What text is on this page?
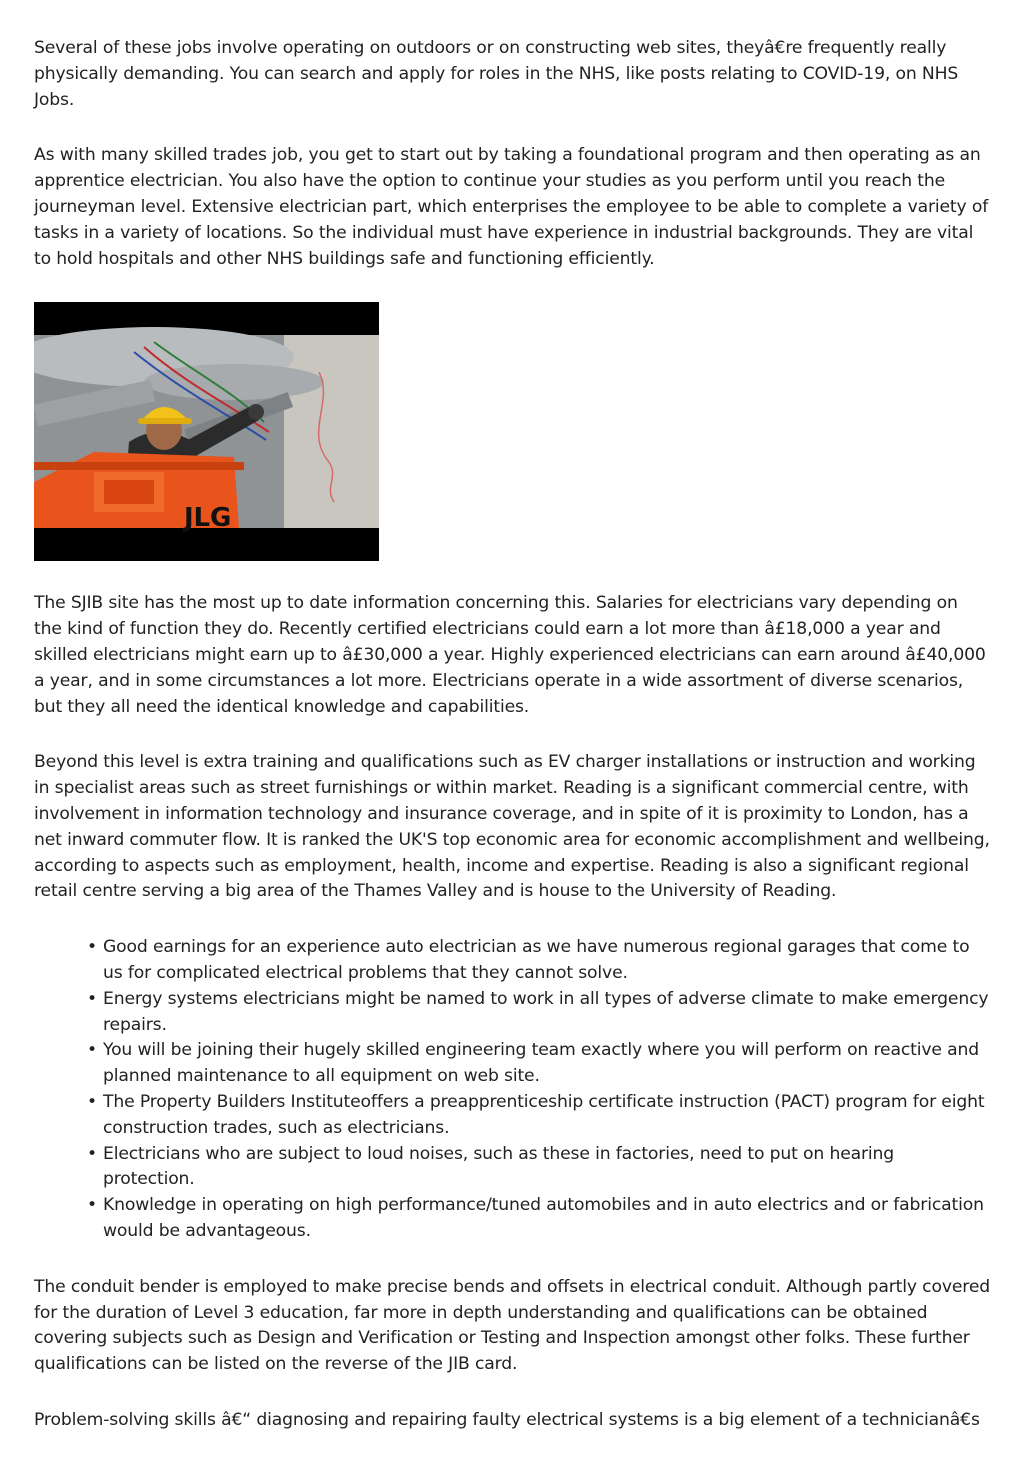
Several of these jobs involve operating on outdoors or on constructing web sites, theyâ€re frequently really physically demanding. You can search and apply for roles in the NHS, like posts relating to COVID-19, on NHS Jobs.

As with many skilled trades job, you get to start out by taking a foundational program and then operating as an apprentice electrician. You also have the option to continue your studies as you perform until you reach the journeyman level. Extensive electrician part, which enterprises the employee to be able to complete a variety of tasks in a variety of locations. So the individual must have experience in industrial backgrounds. They are vital to hold hospitals and other NHS buildings safe and functioning efficiently.

JLG

The SJIB site has the most up to date information concerning this. Salaries for electricians vary depending on the kind of function they do. Recently certified electricians could earn a lot more than â£18,000 a year and skilled electricians might earn up to â£30,000 a year. Highly experienced electricians can earn around â£40,000 a year, and in some circumstances a lot more. Electricians operate in a wide assortment of diverse scenarios, but they all need the identical knowledge and capabilities.

Beyond this level is extra training and qualifications such as EV charger installations or instruction and working in specialist areas such as street furnishings or within market. Reading is a significant commercial centre, with involvement in information technology and insurance coverage, and in spite of it is proximity to London, has a net inward commuter flow. It is ranked the UK'S top economic area for economic accomplishment and wellbeing, according to aspects such as employment, health, income and expertise. Reading is also a significant regional retail centre serving a big area of the Thames Valley and is house to the University of Reading.

• Good earnings for an experience auto electrician as we have numerous regional garages that come to us for complicated electrical problems that they cannot solve.
• Energy systems electricians might be named to work in all types of adverse climate to make emergency repairs.
• You will be joining their hugely skilled engineering team exactly where you will perform on reactive and planned maintenance to all equipment on web site.
• The Property Builders Instituteoffers a preapprenticeship certificate instruction (PACT) program for eight construction trades, such as electricians.
• Electricians who are subject to loud noises, such as these in factories, need to put on hearing protection.
• Knowledge in operating on high performance/tuned automobiles and in auto electrics and or fabrication would be advantageous.

The conduit bender is employed to make precise bends and offsets in electrical conduit. Although partly covered for the duration of Level 3 education, far more in depth understanding and qualifications can be obtained covering subjects such as Design and Verification or Testing and Inspection amongst other folks. These further qualifications can be listed on the reverse of the JIB card.

Problem-solving skills â€“ diagnosing and repairing faulty electrical systems is a big element of a technicianâ€s
